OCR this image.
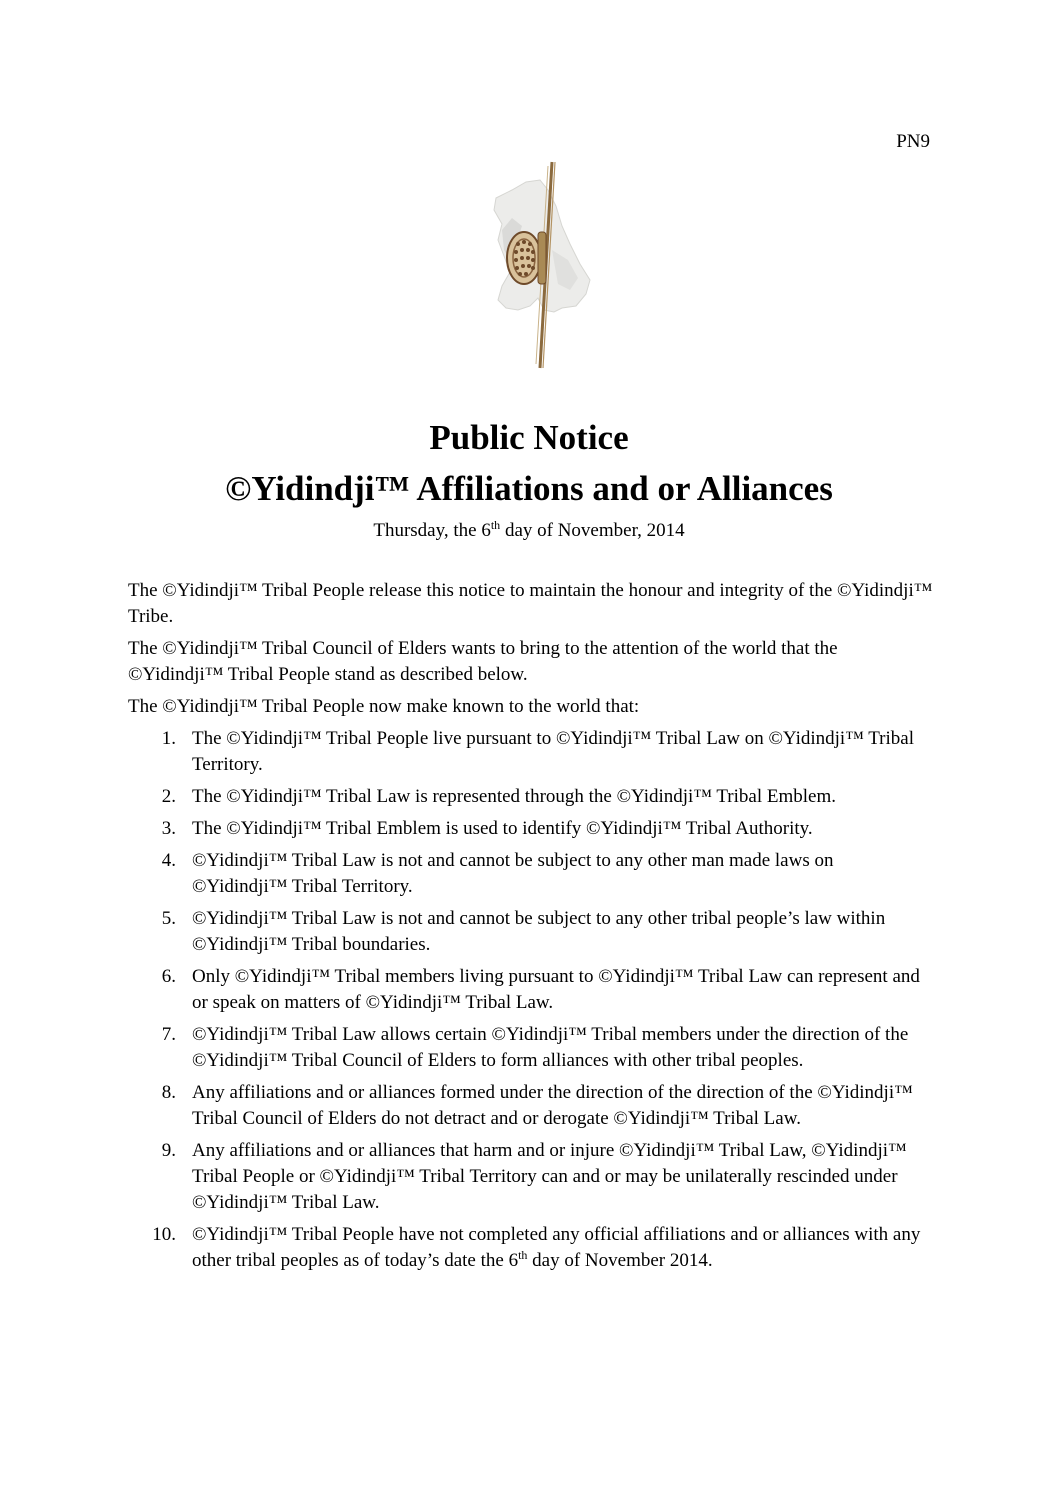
PN9
Public Notice
©Yidindji™ Affiliations and or Alliances
Thursday, the 6th day of November, 2014

The ©Yidindji™ Tribal People release this notice to maintain the honour and integrity of the ©Yidindji™ Tribe.

The ©Yidindji™ Tribal Council of Elders wants to bring to the attention of the world that the ©Yidindji™ Tribal People stand as described below.

The ©Yidindji™ Tribal People now make known to the world that:

1. The ©Yidindji™ Tribal People live pursuant to ©Yidindji™ Tribal Law on ©Yidindji™ Tribal Territory.
2. The ©Yidindji™ Tribal Law is represented through the ©Yidindji™ Tribal Emblem.
3. The ©Yidindji™ Tribal Emblem is used to identify ©Yidindji™ Tribal Authority.
4. ©Yidindji™ Tribal Law is not and cannot be subject to any other man made laws on ©Yidindji™ Tribal Territory.
5. ©Yidindji™ Tribal Law is not and cannot be subject to any other tribal people’s law within ©Yidindji™ Tribal boundaries.
6. Only ©Yidindji™ Tribal members living pursuant to ©Yidindji™ Tribal Law can represent and or speak on matters of ©Yidindji™ Tribal Law.
7. ©Yidindji™ Tribal Law allows certain ©Yidindji™ Tribal members under the direction of the ©Yidindji™ Tribal Council of Elders to form alliances with other tribal peoples.
8. Any affiliations and or alliances formed under the direction of the direction of the ©Yidindji™ Tribal Council of Elders do not detract and or derogate ©Yidindji™ Tribal Law.
9. Any affiliations and or alliances that harm and or injure ©Yidindji™ Tribal Law, ©Yidindji™ Tribal People or ©Yidindji™ Tribal Territory can and or may be unilaterally rescinded under ©Yidindji™ Tribal Law.
10. ©Yidindji™ Tribal People have not completed any official affiliations and or alliances with any other tribal peoples as of today’s date the 6th day of November 2014.
